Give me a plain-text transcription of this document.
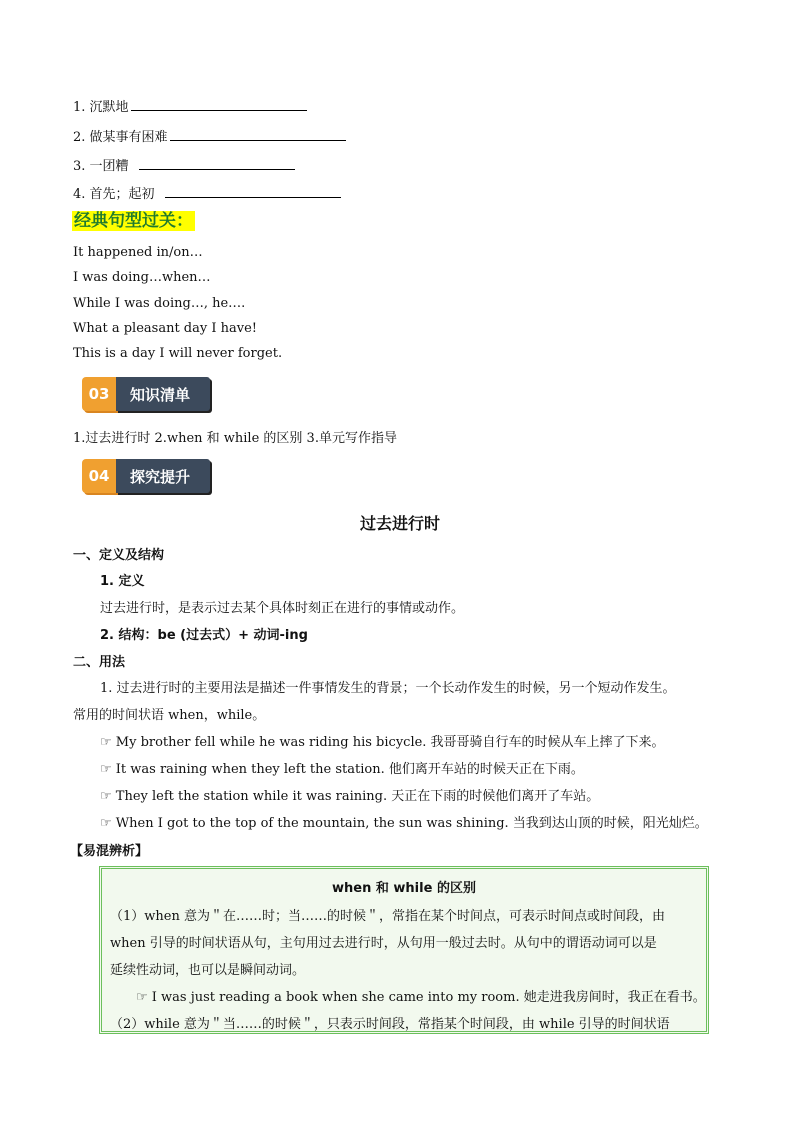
1. 沉默地
2. 做某事有困难
3. 一团糟
4. 首先；起初
经典句型过关：
It happened in/on…
I was doing…when…
While I was doing…, he….
What a pleasant day I have!
This is a day I will never forget.
03	知识清单
1.过去进行时 2.when 和 while 的区别 3.单元写作指导
04	探究提升
过去进行时
一、定义及结构
1. 定义
过去进行时，是表示过去某个具体时刻正在进行的事情或动作。
2. 结构：be (过去式）+ 动词-ing
二、用法
1. 过去进行时的主要用法是描述一件事情发生的背景；一个长动作发生的时候，另一个短动作发生。
常用的时间状语 when，while。
☞ My brother fell while he was riding his bicycle. 我哥哥骑自行车的时候从车上摔了下来。
☞ It was raining when they left the station. 他们离开车站的时候天正在下雨。
☞ They left the station while it was raining. 天正在下雨的时候他们离开了车站。
☞ When I got to the top of the mountain, the sun was shining. 当我到达山顶的时候，阳光灿烂。
【易混辨析】
when 和 while 的区别
（1）when 意为＂在……时；当……的时候＂，常指在某个时间点，可表示时间点或时间段，由
when 引导的时间状语从句，主句用过去进行时，从句用一般过去时。从句中的谓语动词可以是
延续性动词，也可以是瞬间动词。
☞ I was just reading a book when she came into my room. 她走进我房间时，我正在看书。
（2）while 意为＂当……的时候＂，只表示时间段，常指某个时间段，由 while 引导的时间状语
